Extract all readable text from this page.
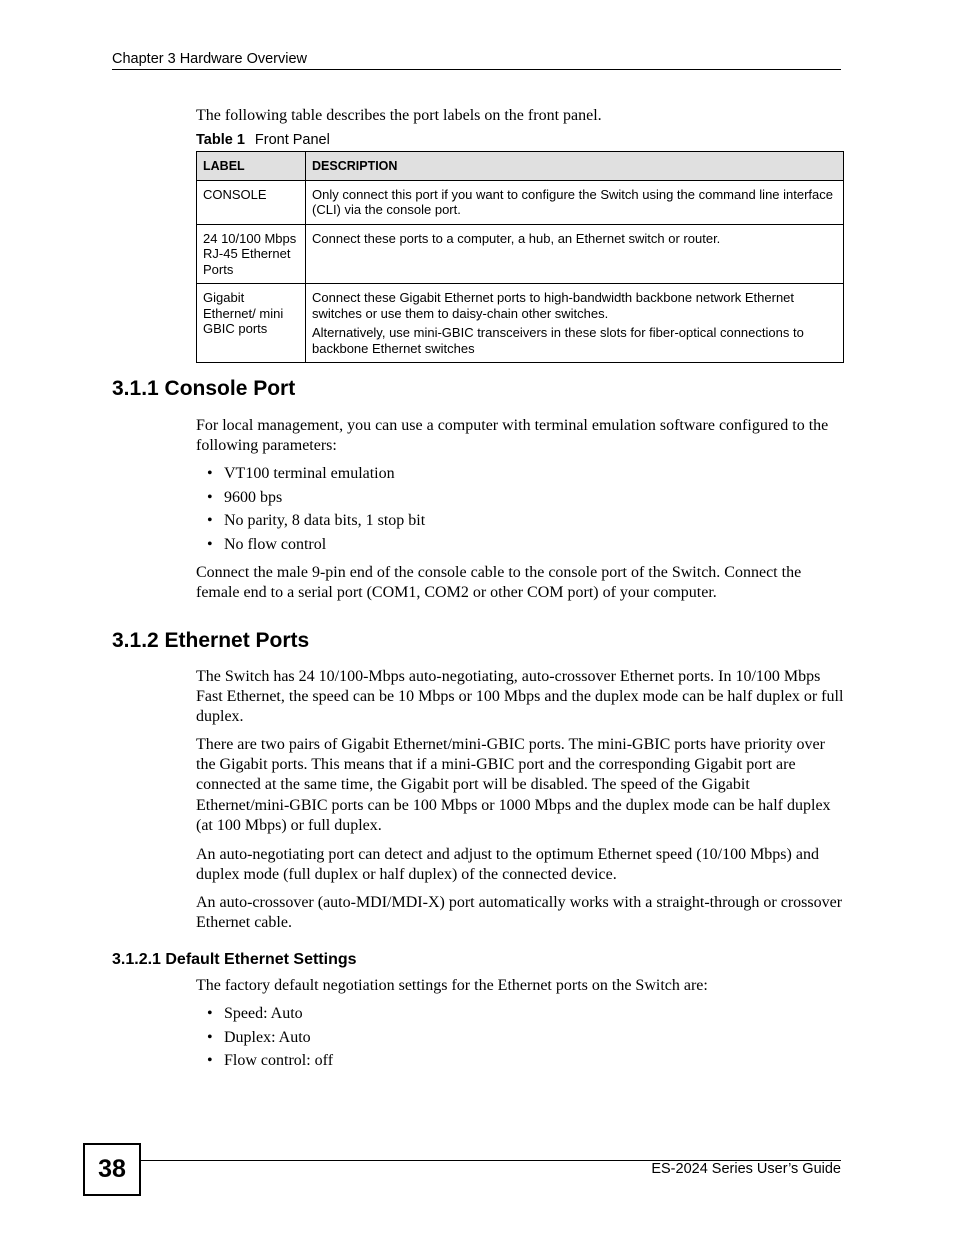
Chapter 3 Hardware Overview
The following table describes the port labels on the front panel.
Table 1 Front Panel
LABEL	DESCRIPTION
CONSOLE	Only connect this port if you want to configure the Switch using the command line interface (CLI) via the console port.

24 10/100 Mbps RJ-45 Ethernet Ports	Connect these ports to a computer, a hub, an Ethernet switch or router.

Gigabit Ethernet/ mini GBIC ports	Connect these Gigabit Ethernet ports to high-bandwidth backbone network Ethernet switches or use them to daisy-chain other switches.

Alternatively, use mini-GBIC transceivers in these slots for fiber-optical connections to backbone Ethernet switches

3.1.1 Console Port

For local management, you can use a computer with terminal emulation software configured to the following parameters:

• VT100 terminal emulation
• 9600 bps
• No parity, 8 data bits, 1 stop bit
• No flow control

Connect the male 9-pin end of the console cable to the console port of the Switch. Connect the female end to a serial port (COM1, COM2 or other COM port) of your computer.

3.1.2 Ethernet Ports

The Switch has 24 10/100-Mbps auto-negotiating, auto-crossover Ethernet ports. In 10/100 Mbps Fast Ethernet, the speed can be 10 Mbps or 100 Mbps and the duplex mode can be half duplex or full duplex.

There are two pairs of Gigabit Ethernet/mini-GBIC ports. The mini-GBIC ports have priority over the Gigabit ports. This means that if a mini-GBIC port and the corresponding Gigabit port are connected at the same time, the Gigabit port will be disabled. The speed of the Gigabit Ethernet/mini-GBIC ports can be 100 Mbps or 1000 Mbps and the duplex mode can be half duplex (at 100 Mbps) or full duplex.

An auto-negotiating port can detect and adjust to the optimum Ethernet speed (10/100 Mbps) and duplex mode (full duplex or half duplex) of the connected device.

An auto-crossover (auto-MDI/MDI-X) port automatically works with a straight-through or crossover Ethernet cable.

3.1.2.1 Default Ethernet Settings

The factory default negotiation settings for the Ethernet ports on the Switch are:

• Speed: Auto
• Duplex: Auto
• Flow control: off
38	ES-2024 Series User’s Guide
